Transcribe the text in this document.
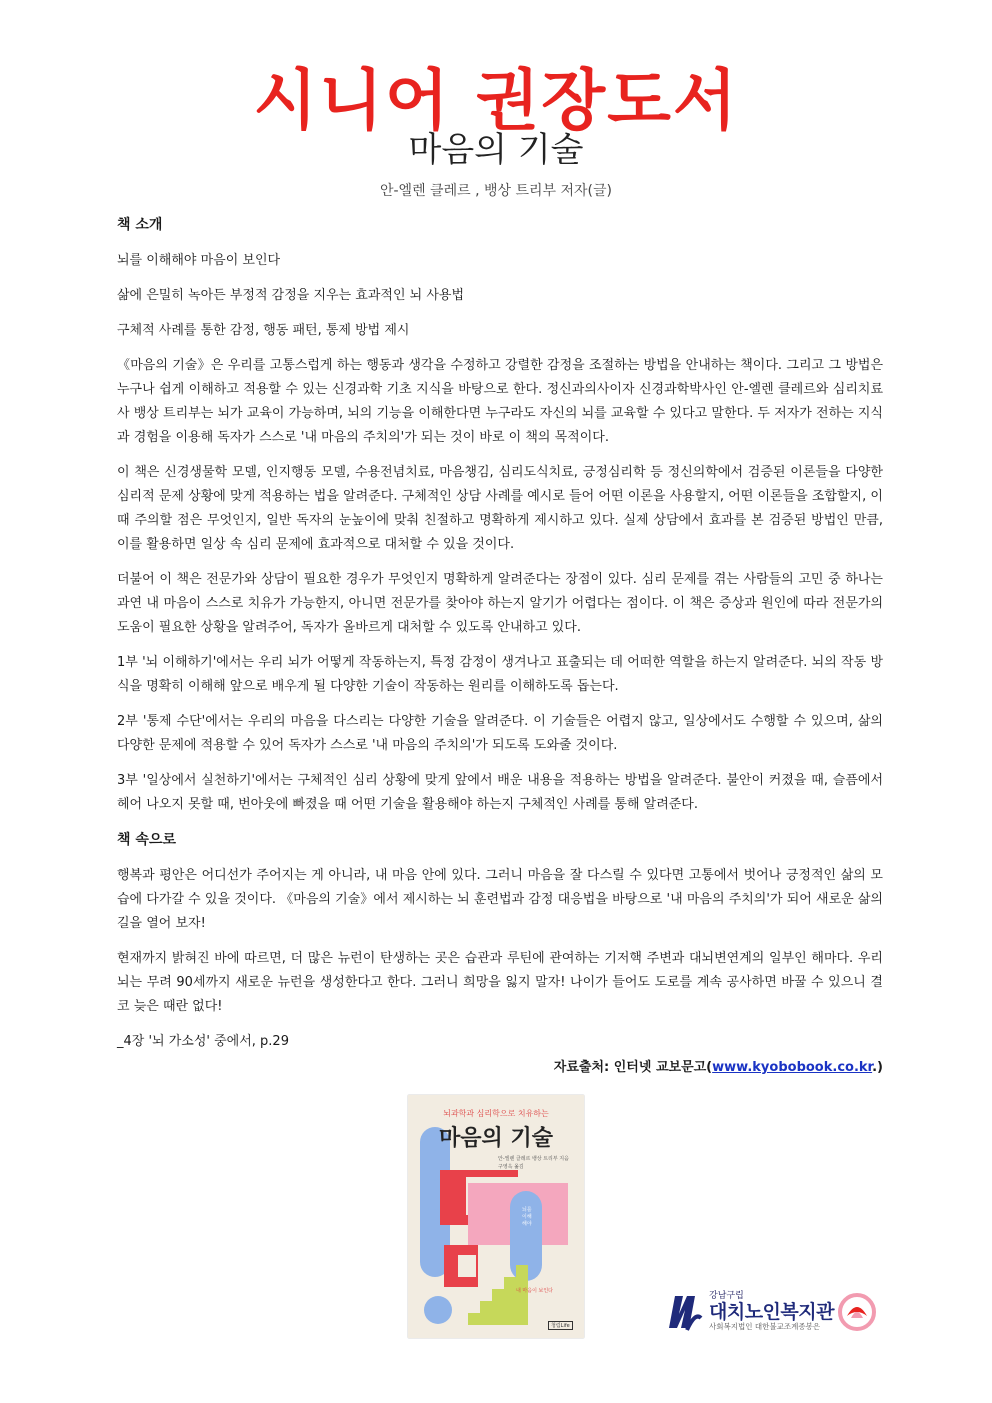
시니어 권장도서
마음의 기술
안-엘렌 클레르 , 뱅상 트리부 저자(글)

책 소개

뇌를 이해해야 마음이 보인다

삶에 은밀히 녹아든 부정적 감정을 지우는 효과적인 뇌 사용법

구체적 사례를 통한 감정, 행동 패턴, 통제 방법 제시

《마음의 기술》은 우리를 고통스럽게 하는 행동과 생각을 수정하고 강렬한 감정을 조절하는 방법을 안내하는 책이다. 그리고 그 방법은 누구나 쉽게 이해하고 적용할 수 있는 신경과학 기초 지식을 바탕으로 한다. 정신과의사이자 신경과학박사인 안-엘렌 클레르와 심리치료사 뱅상 트리부는 뇌가 교육이 가능하며, 뇌의 기능을 이해한다면 누구라도 자신의 뇌를 교육할 수 있다고 말한다. 두 저자가 전하는 지식과 경험을 이용해 독자가 스스로 '내 마음의 주치의'가 되는 것이 바로 이 책의 목적이다.

이 책은 신경생물학 모델, 인지행동 모델, 수용전념치료, 마음챙김, 심리도식치료, 긍정심리학 등 정신의학에서 검증된 이론들을 다양한 심리적 문제 상황에 맞게 적용하는 법을 알려준다. 구체적인 상담 사례를 예시로 들어 어떤 이론을 사용할지, 어떤 이론들을 조합할지, 이때 주의할 점은 무엇인지, 일반 독자의 눈높이에 맞춰 친절하고 명확하게 제시하고 있다. 실제 상담에서 효과를 본 검증된 방법인 만큼, 이를 활용하면 일상 속 심리 문제에 효과적으로 대처할 수 있을 것이다.

더불어 이 책은 전문가와 상담이 필요한 경우가 무엇인지 명확하게 알려준다는 장점이 있다. 심리 문제를 겪는 사람들의 고민 중 하나는 과연 내 마음이 스스로 치유가 가능한지, 아니면 전문가를 찾아야 하는지 알기가 어렵다는 점이다. 이 책은 증상과 원인에 따라 전문가의 도움이 필요한 상황을 알려주어, 독자가 올바르게 대처할 수 있도록 안내하고 있다.

1부 '뇌 이해하기'에서는 우리 뇌가 어떻게 작동하는지, 특정 감정이 생겨나고 표출되는 데 어떠한 역할을 하는지 알려준다. 뇌의 작동 방식을 명확히 이해해 앞으로 배우게 될 다양한 기술이 작동하는 원리를 이해하도록 돕는다.

2부 '통제 수단'에서는 우리의 마음을 다스리는 다양한 기술을 알려준다. 이 기술들은 어렵지 않고, 일상에서도 수행할 수 있으며, 삶의 다양한 문제에 적용할 수 있어 독자가 스스로 '내 마음의 주치의'가 되도록 도와줄 것이다.

3부 '일상에서 실천하기'에서는 구체적인 심리 상황에 맞게 앞에서 배운 내용을 적용하는 방법을 알려준다. 불안이 커졌을 때, 슬픔에서 헤어 나오지 못할 때, 번아웃에 빠졌을 때 어떤 기술을 활용해야 하는지 구체적인 사례를 통해 알려준다.

책 속으로

행복과 평안은 어디선가 주어지는 게 아니라, 내 마음 안에 있다. 그러니 마음을 잘 다스릴 수 있다면 고통에서 벗어나 긍정적인 삶의 모습에 다가갈 수 있을 것이다. 《마음의 기술》에서 제시하는 뇌 훈련법과 감정 대응법을 바탕으로 '내 마음의 주치의'가 되어 새로운 삶의 길을 열어 보자!

현재까지 밝혀진 바에 따르면, 더 많은 뉴런이 탄생하는 곳은 습관과 루틴에 관여하는 기저핵 주변과 대뇌변연계의 일부인 해마다. 우리 뇌는 무려 90세까지 새로운 뉴런을 생성한다고 한다. 그러니 희망을 잃지 말자! 나이가 들어도 도로를 계속 공사하면 바꿀 수 있으니 결코 늦은 때란 없다!

_4장 '뇌 가소성' 중에서, p.29

자료출처: 인터넷 교보문고(www.kyobobook.co.kr.)
뇌과학과 심리학으로 치유하는
마음의 기술
안-엘렌 클레르 뱅상 트리부 지음
구영옥 옮김
뇌를 이해해야
내 마음이 보인다
청림Life
강남구립
대치노인복지관
사회복지법인 대한불교조계종봉은
